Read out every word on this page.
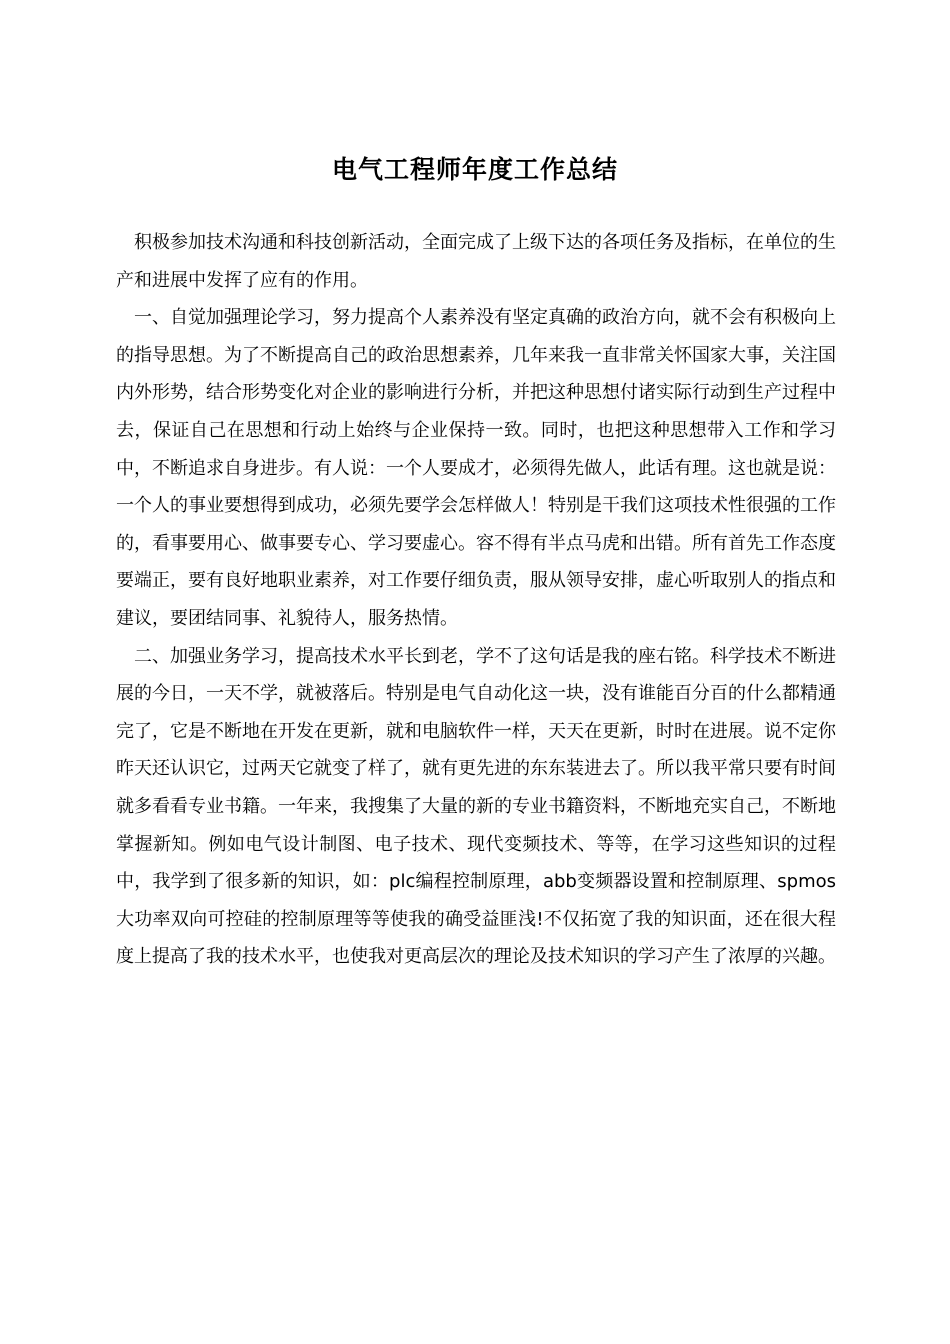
电气工程师年度工作总结

积极参加技术沟通和科技创新活动，全面完成了上级下达的各项任务及指标，在单位的生产和进展中发挥了应有的作用。

一、自觉加强理论学习，努力提高个人素养没有坚定真确的政治方向，就不会有积极向上的指导思想。为了不断提高自己的政治思想素养，几年来我一直非常关怀国家大事，关注国内外形势，结合形势变化对企业的影响进行分析，并把这种思想付诸实际行动到生产过程中去，保证自己在思想和行动上始终与企业保持一致。同时，也把这种思想带入工作和学习中，不断追求自身进步。有人说：一个人要成才，必须得先做人，此话有理。这也就是说：一个人的事业要想得到成功，必须先要学会怎样做人！特别是干我们这项技术性很强的工作的，看事要用心、做事要专心、学习要虚心。容不得有半点马虎和出错。所有首先工作态度要端正，要有良好地职业素养，对工作要仔细负责，服从领导安排，虚心听取别人的指点和建议，要团结同事、礼貌待人，服务热情。

二、加强业务学习，提高技术水平长到老，学不了这句话是我的座右铭。科学技术不断进展的今日，一天不学，就被落后。特别是电气自动化这一块，没有谁能百分百的什么都精通完了，它是不断地在开发在更新，就和电脑软件一样，天天在更新，时时在进展。说不定你昨天还认识它，过两天它就变了样了，就有更先进的东东装进去了。所以我平常只要有时间就多看看专业书籍。一年来，我搜集了大量的新的专业书籍资料，不断地充实自己，不断地掌握新知。例如电气设计制图、电子技术、现代变频技术、等等，在学习这些知识的过程中，我学到了很多新的知识，如：plc编程控制原理，abb变频器设置和控制原理、spmos大功率双向可控硅的控制原理等等使我的确受益匪浅!不仅拓宽了我的知识面，还在很大程度上提高了我的技术水平，也使我对更高层次的理论及技术知识的学习产生了浓厚的兴趣。
